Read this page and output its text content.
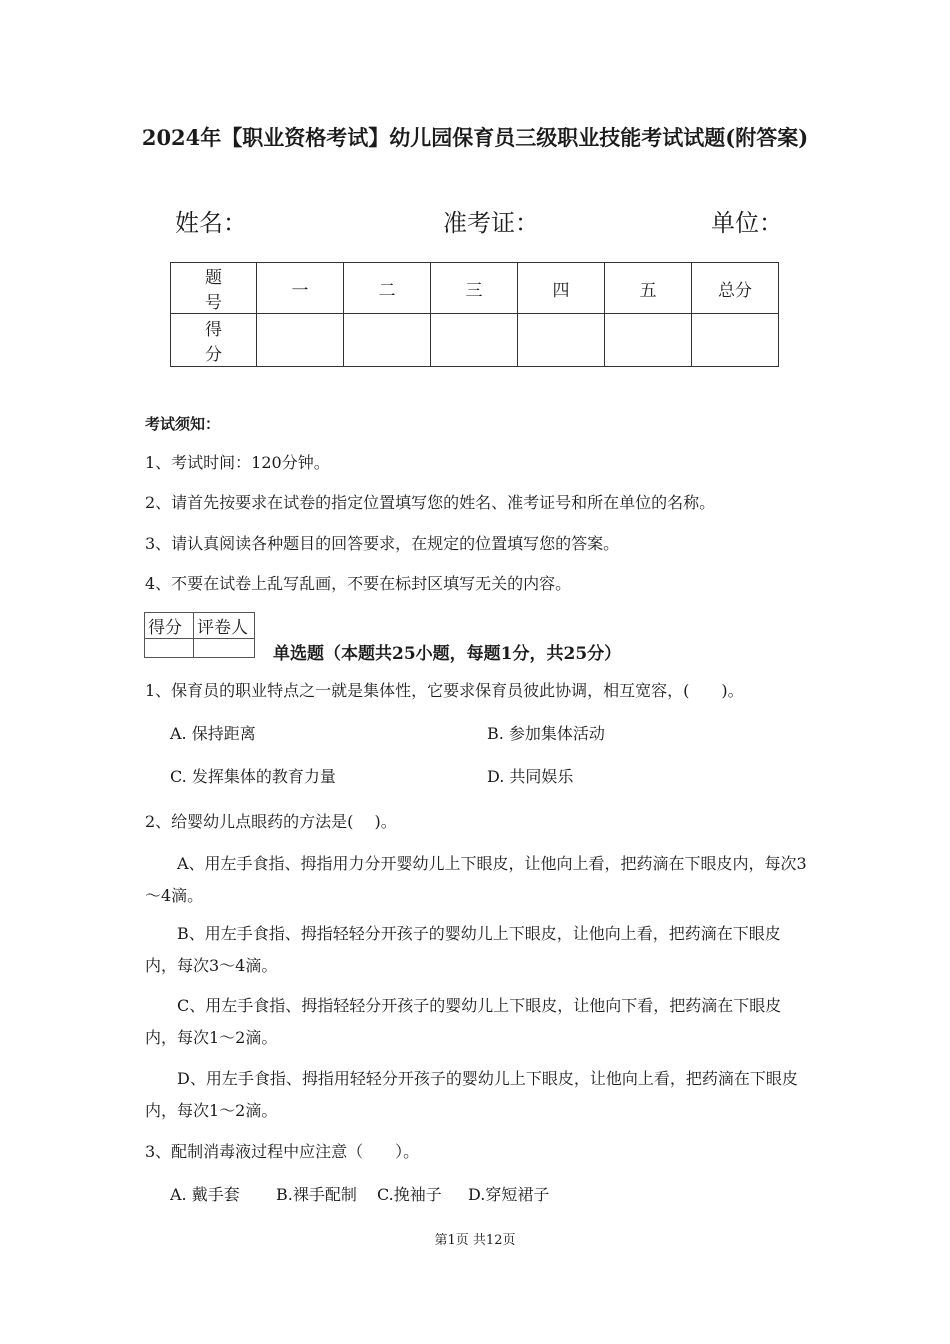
2024年【职业资格考试】幼儿园保育员三级职业技能考试试题(附答案)
姓名：	准考证：	单位：
题 号	一	二	三	四	五	总分
得 分						
考试须知：
1、考试时间：120分钟。
2、请首先按要求在试卷的指定位置填写您的姓名、准考证号和所在单位的名称。
3、请认真阅读各种题目的回答要求，在规定的位置填写您的答案。
4、不要在试卷上乱写乱画，不要在标封区填写无关的内容。
得分	评卷人

单选题（本题共25小题，每题1分，共25分）
1、保育员的职业特点之一就是集体性，它要求保育员彼此协调，相互宽容，(　　)。
A. 保持距离	B. 参加集体活动
C. 发挥集体的教育力量	D. 共同娱乐
2、给婴幼儿点眼药的方法是(　 )。
A、用左手食指、拇指用力分开婴幼儿上下眼皮，让他向上看，把药滴在下眼皮内，每次3～4滴。
B、用左手食指、拇指轻轻分开孩子的婴幼儿上下眼皮，让他向上看，把药滴在下眼皮内，每次3～4滴。
C、用左手食指、拇指轻轻分开孩子的婴幼儿上下眼皮，让他向下看，把药滴在下眼皮内，每次1～2滴。
D、用左手食指、拇指用轻轻分开孩子的婴幼儿上下眼皮，让他向上看，把药滴在下眼皮内，每次1～2滴。
3、配制消毒液过程中应注意（　　）。
A. 戴手套 B.裸手配制 C.挽袖子 D.穿短裙子
第1页 共12页
